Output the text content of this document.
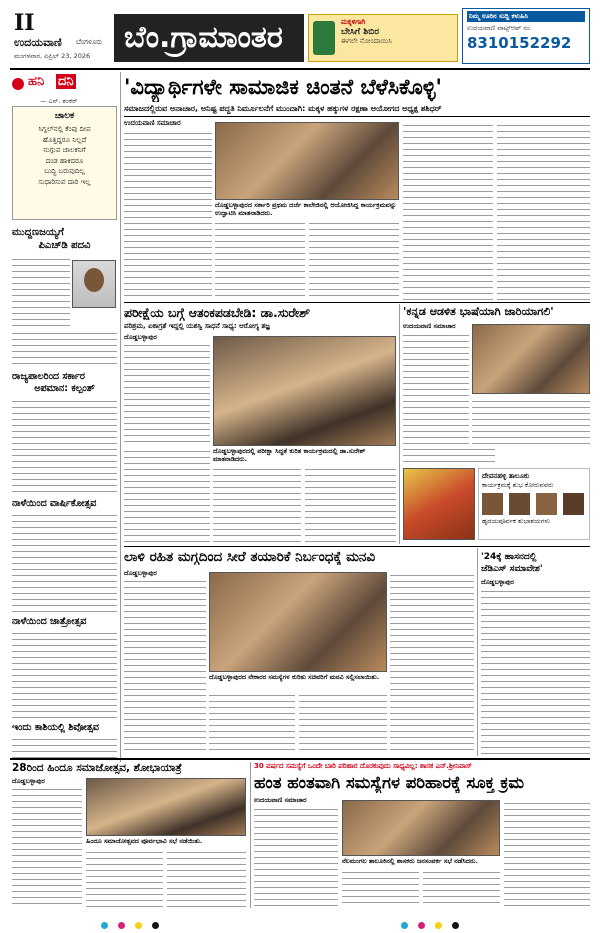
II
ಉದಯವಾಣಿ ಬೆಂಗಳೂರು
ಮಂಗಳವಾರ, ಏಪ್ರಿಲ್ 23, 2026
ಬೆಂ.ಗ್ರಾಮಾಂತರ	ಮಕ್ಕಳಿಗಾಗಿ
ಬೇಸಿಗೆ ಶಿಬಿರ
ಈಗಲೇ ನೋಂದಾಯಿಸಿ
ನಿಮ್ಮ ಊರಿನ ಸುದ್ದಿ ಕಳುಹಿಸಿ
ಉದಯವಾಣಿ ವಾಟ್ಸ್ಆಪ್ ನಂ.
8310152292
ಹನಿ ದನಿ
— ಎನ್. ಶಂಕರ್
ಚಾಲಕ
ಸಿಗ್ನಲ್‌ನಲ್ಲಿ ಕೆಂಪು ದೀಪ
ಹೊತ್ತಿದ್ದರೂ ನಿಲ್ಲದೆ
ನುಗ್ಗುವ ಚಾಲಕನಿಗೆ
ದಂಡ ಹಾಕಿದರೂ
ಬುದ್ಧಿ ಬರುವುದಿಲ್ಲ
ಸುಧಾರಿಸುವ ದಾರಿ ಇಲ್ಲ
ಮುದ್ದಣಜಯ್ಯಗೆ
ಪಿಎಚ್‌ಡಿ ಪದವಿ
ರಾಜ್ಯಪಾಲರಿಂದ ಸರ್ಕಾರ
ಅಪಮಾನ: ಕಲ್ಪಂತ್
ನಾಳೆಯಿಂದ ವಾರ್ಷಿಕೋತ್ಸವ
ನಾಳೆಯಿಂದ ಜಾತ್ರೋತ್ಸವ
ಇಂದು ಕಾಶಿಯಲ್ಲಿ ಶಿವೋತ್ಸವ
'ವಿದ್ಯಾರ್ಥಿಗಳೇ ಸಾಮಾಜಿಕ ಚಿಂತನೆ ಬೆಳೆಸಿಕೊಳ್ಳಿ'
ಸಮಾಜದಲ್ಲಿರುವ ಅನಾಚಾರ, ಅನಿಷ್ಟ ಪದ್ಧತಿ ನಿರ್ಮೂಲನೆಗೆ ಮುಂದಾಗಿ: ಮಕ್ಕಳ ಹಕ್ಕುಗಳ ರಕ್ಷಣಾ ಆಯೋಗದ ಅಧ್ಯಕ್ಷ ಶಶಿಧರ್
ಉದಯವಾಣಿ ಸಮಾಚಾರ
ದೊಡ್ಡಬಳ್ಳಾಪುರದ ಸರ್ಕಾರಿ ಪ್ರಥಮ ದರ್ಜೆ ಕಾಲೇಜಿನಲ್ಲಿ ಆಯೋಜಿಸಿದ್ದ ಕಾರ್ಯಕ್ರಮವನ್ನು ಉದ್ಘಾಟಿಸಿ ಮಾತನಾಡಿದರು.
ಪರೀಕ್ಷೆಯ ಬಗ್ಗೆ ಆತಂಕಪಡಬೇಡಿ: ಡಾ.ಸುರೇಶ್
ಪರಿಶ್ರಮ, ಏಕಾಗ್ರತೆ ಇದ್ದಲ್ಲಿ ಯಶಸ್ವಿ ಸಾಧನೆ ಸಾಧ್ಯ: ಆರೋಗ್ಯ ತಜ್ಞ
ದೊಡ್ಡಬಳ್ಳಾಪುರ
ದೊಡ್ಡಬಳ್ಳಾಪುರದಲ್ಲಿ ಪರೀಕ್ಷಾ ಸಿದ್ಧತೆ ಕುರಿತ ಕಾರ್ಯಕ್ರಮದಲ್ಲಿ ಡಾ.ಸುರೇಶ್ ಮಾತನಾಡಿದರು.
'ಕನ್ನಡ ಆಡಳಿತ ಭಾಷೆಯಾಗಿ ಜಾರಿಯಾಗಲಿ'
ಉದಯವಾಣಿ ಸಮಾಚಾರ
ದೇವನಹಳ್ಳಿ ತಾಲೂಕು
ಕಾರ್ಯಕ್ರಮಕ್ಕೆ ಶುಭ ಕೋರುವವರು
ಹೃದಯಪೂರ್ವಕ ಶುಭಾಶಯಗಳು
ಲಾಳಿ ರಹಿತ ಮಗ್ಗದಿಂದ ಸೀರೆ ತಯಾರಿಕೆ ನಿರ್ಬಂಧಕ್ಕೆ ಮನವಿ
ದೊಡ್ಡಬಳ್ಳಾಪುರ
ದೊಡ್ಡಬಳ್ಳಾಪುರದ ನೇಕಾರರ ಸಮಸ್ಯೆಗಳ ಕುರಿತು ಸಚಿವರಿಗೆ ಮನವಿ ಸಲ್ಲಿಸಲಾಯಿತು.
'24ಕ್ಕೆ ಹಾಸನದಲ್ಲಿ
ಜೆಡಿಎಸ್ ಸಮಾವೇಶ'
ದೊಡ್ಡಬಳ್ಳಾಪುರ
28ರಿಂದ ಹಿಂದೂ ಸಮಾಜೋತ್ಸವ, ಶೋಭಾಯಾತ್ರೆ
ದೊಡ್ಡಬಳ್ಳಾಪುರ
ಹಿಂದೂ ಸಮಾಜೋತ್ಸವದ ಪೂರ್ವಭಾವಿ ಸಭೆ ನಡೆಯಿತು.
30 ವರ್ಷದ ಸಮಸ್ಯೆಗೆ ಒಂದೇ ಬಾರಿ ಪರಿಹಾರ ದೊರಕುವುದು ಸಾಧ್ಯವಿಲ್ಲ: ಶಾಸಕ ಎನ್.ಶ್ರೀನಿವಾಸ್
ಹಂತ ಹಂತವಾಗಿ ಸಮಸ್ಯೆಗಳ ಪರಿಹಾರಕ್ಕೆ ಸೂಕ್ತ ಕ್ರಮ
ಉದಯವಾಣಿ ಸಮಾಚಾರ
ನೆಲಮಂಗಲ ತಾಲೂಕಿನಲ್ಲಿ ಶಾಸಕರು ಜನಸಂಪರ್ಕ ಸಭೆ ನಡೆಸಿದರು.
